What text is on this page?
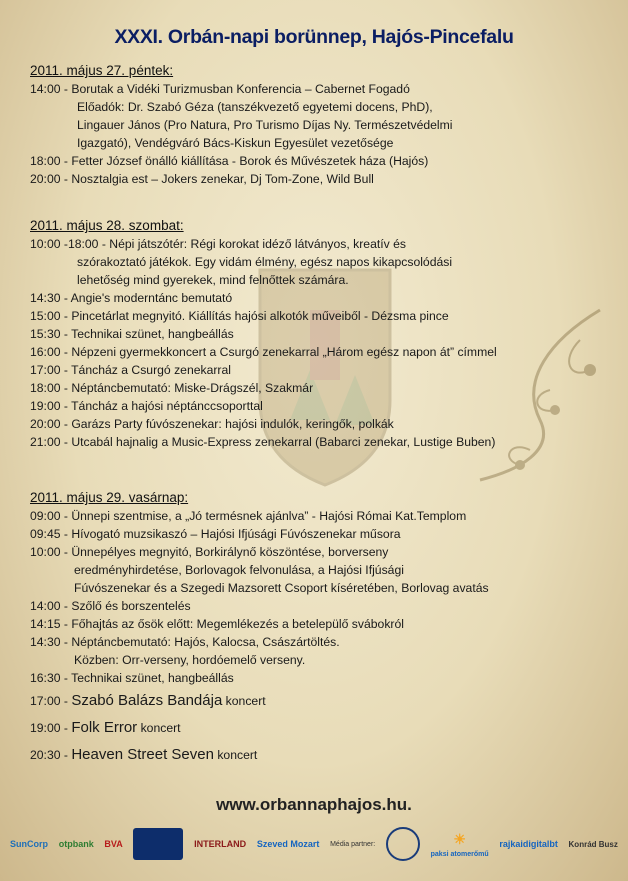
XXXI. Orbán-napi borünnep, Hajós-Pincefalu
2011. május 27. péntek:
14:00 - Borutak a Vidéki Turizmusban Konferencia – Cabernet Fogadó
Előadók: Dr. Szabó Géza (tanszékvezető egyetemi docens, PhD),
Lingauer János (Pro Natura, Pro Turismo Díjas Ny. Természetvédelmi
Igazgató), Vendégváró Bács-Kiskun Egyesület vezetősége
18:00 - Fetter József önálló kiállítása - Borok és Művészetek háza (Hajós)
20:00 - Nosztalgia est – Jokers zenekar, Dj Tom-Zone, Wild Bull
2011. május 28. szombat:
10:00 -18:00 - Népi játszótér: Régi korokat idéző látványos, kreatív és
szórakoztató játékok. Egy vidám élmény, egész napos kikapcsolódási
lehetőség mind gyerekek, mind felnőttek számára.
14:30 - Angie's moderntánc bemutató
15:00 - Pincetárlat megnyitó. Kiállítás hajósi alkotók műveiből - Dézsma pince
15:30 - Technikai szünet, hangbeállás
16:00 - Népzeni gyermekkoncert a Csurgó zenekarral „Három egész napon át” címmel
17:00 - Táncház a Csurgó zenekarral
18:00 - Néptáncbemutató: Miske-Drágszél, Szakmár
19:00 - Táncház a hajósi néptánccsoporttal
20:00 - Garázs Party fúvószenekar: hajósi indulók, keringők, polkák
21:00 - Utcabál hajnalig a Music-Express zenekarral (Babarci zenekar, Lustige Buben)
2011. május 29. vasárnap:
09:00 - Ünnepi szentmise, a „Jó termésnek ajánlva” - Hajósi Római Kat.Templom
09:45 - Hívogató muzsikaszó – Hajósi Ifjúsági Fúvószenekar műsora
10:00 - Ünnepélyes megnyitó, Borkirálynő köszöntése, borverseny
eredményhirdetése, Borlovagok felvonulása, a Hajósi Ifjúsági
Fúvószenekar és a Szegedi Mazsorett Csoport kíséretében, Borlovag avatás
14:00 - Szőlő és borszentelés
14:15 - Főhajtás az ősök előtt: Megemlékezés a betelepülő svábokról
14:30 - Néptáncbemutató: Hajós, Kalocsa, Császártöltés.
Közben: Orr-verseny, hordóemelő verseny.
16:30 - Technikai szünet, hangbeállás
17:00 - Szabó Balázs Bandája koncert
19:00 - Folk Error koncert
20:30 - Heaven Street Seven koncert
www.orbannaphajos.hu.
SunCorp otpbank BVA	INTERLAND Szeved Mozart Média partner:	☀
paksi atomerőmű
rajkaidigitalbt Konrád Busz
